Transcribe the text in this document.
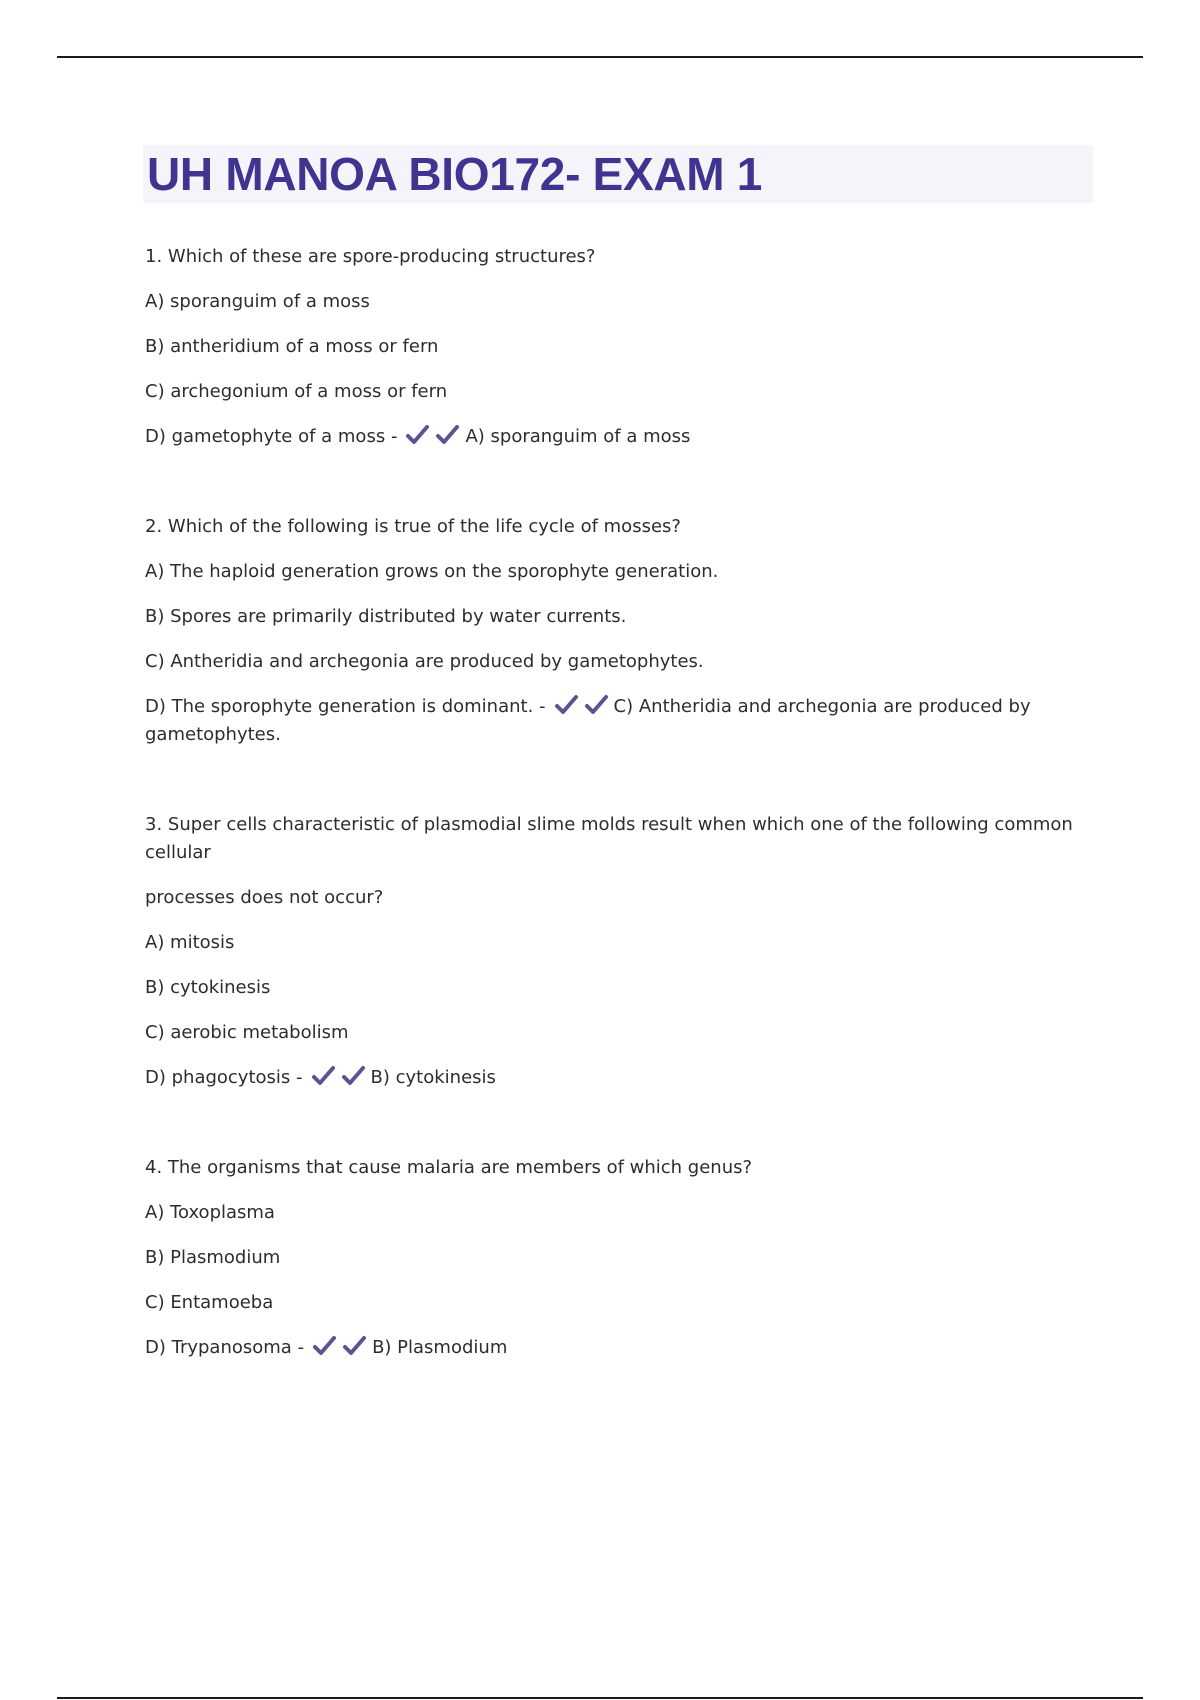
UH MANOA BIO172- EXAM 1

1. Which of these are spore-producing structures?

A) sporanguim of a moss

B) antheridium of a moss or fern

C) archegonium of a moss or fern

D) gametophyte of a moss -	A) sporanguim of a moss

2. Which of the following is true of the life cycle of mosses?

A) The haploid generation grows on the sporophyte generation.

B) Spores are primarily distributed by water currents.

C) Antheridia and archegonia are produced by gametophytes.

D) The sporophyte generation is dominant. -	C) Antheridia and archegonia are produced by gametophytes.

3. Super cells characteristic of plasmodial slime molds result when which one of the following common cellular

processes does not occur?

A) mitosis

B) cytokinesis

C) aerobic metabolism

D) phagocytosis -	B) cytokinesis

4. The organisms that cause malaria are members of which genus?

A) Toxoplasma

B) Plasmodium

C) Entamoeba

D) Trypanosoma -	B) Plasmodium
